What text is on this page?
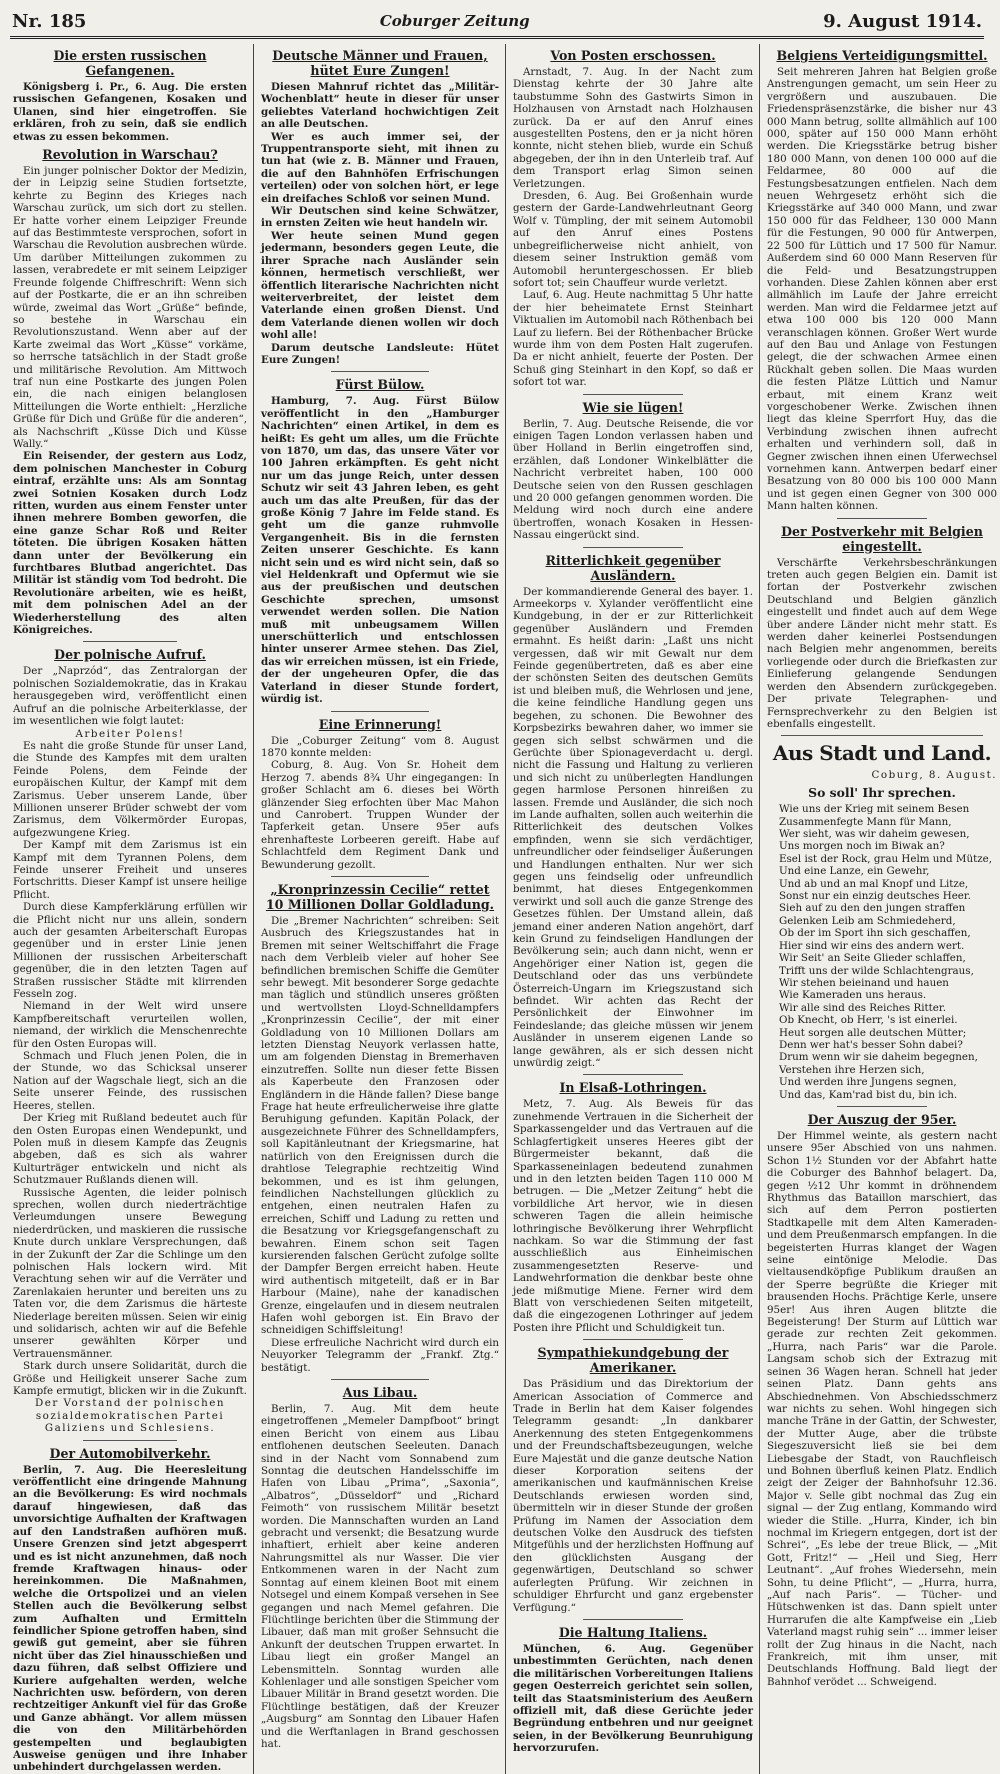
Nr. 185	Coburger Zeitung	9. August 1914.
Die ersten russischen Gefangenen.

Königsberg i. Pr., 6. Aug. Die ersten russischen Gefangenen, Kosaken und Ulanen, sind hier eingetroffen. Sie erklären, froh zu sein, daß sie endlich etwas zu essen bekommen.

Revolution in Warschau?

Ein junger polnischer Doktor der Medizin, der in Leipzig seine Studien fortsetzte, kehrte zu Beginn des Krieges nach Warschau zurück, um sich dort zu stellen. Er hatte vorher einem Leipziger Freunde auf das Bestimmteste versprochen, sofort in Warschau die Revolution ausbrechen würde. Um darüber Mitteilungen zukommen zu lassen, verabredete er mit seinem Leipziger Freunde folgende Chiffreschrift: Wenn sich auf der Postkarte, die er an ihn schreiben würde, zweimal das Wort „Grüße“ befinde, so bestehe in Warschau ein Revolutionszustand. Wenn aber auf der Karte zweimal das Wort „Küsse“ vorkäme, so herrsche tatsächlich in der Stadt große und militärische Revolution. Am Mittwoch traf nun eine Postkarte des jungen Polen ein, die nach einigen belanglosen Mitteilungen die Worte enthielt: „Herzliche Grüße für Dich und Grüße für die anderen“, als Nachschrift „Küsse Dich und Küsse Wally.“

Ein Reisender, der gestern aus Lodz, dem polnischen Manchester in Coburg eintraf, erzählte uns: Als am Sonntag zwei Sotnien Kosaken durch Lodz ritten, wurden aus einem Fenster unter ihnen mehrere Bomben geworfen, die eine ganze Schar Roß und Reiter töteten. Die übrigen Kosaken hätten dann unter der Bevölkerung ein furchtbares Blutbad angerichtet. Das Militär ist ständig vom Tod bedroht. Die Revolutionäre arbeiten, wie es heißt, mit dem polnischen Adel an der Wiederherstellung des alten Königreiches.

Der polnische Aufruf.

Der „Naprzód“, das Zentralorgan der polnischen Sozialdemokratie, das in Krakau herausgegeben wird, veröffentlicht einen Aufruf an die polnische Arbeiterklasse, der im wesentlichen wie folgt lautet:

Arbeiter Polens!

Es naht die große Stunde für unser Land, die Stunde des Kampfes mit dem uralten Feinde Polens, dem Feinde der europäischen Kultur, der Kampf mit dem Zarismus. Ueber unserem Lande, über Millionen unserer Brüder schwebt der vom Zarismus, dem Völkermörder Europas, aufgezwungene Krieg.

Der Kampf mit dem Zarismus ist ein Kampf mit dem Tyrannen Polens, dem Feinde unserer Freiheit und unseres Fortschritts. Dieser Kampf ist unsere heilige Pflicht.

Durch diese Kampferklärung erfüllen wir die Pflicht nicht nur uns allein, sondern auch der gesamten Arbeiterschaft Europas gegenüber und in erster Linie jenen Millionen der russischen Arbeiterschaft gegenüber, die in den letzten Tagen auf Straßen russischer Städte mit klirrenden Fesseln zog.

Niemand in der Welt wird unsere Kampfbereitschaft verurteilen wollen, niemand, der wirklich die Menschenrechte für den Osten Europas will.

Schmach und Fluch jenen Polen, die in der Stunde, wo das Schicksal unserer Nation auf der Wagschale liegt, sich an die Seite unserer Feinde, des russischen Heeres, stellen.

Der Krieg mit Rußland bedeutet auch für den Osten Europas einen Wendepunkt, und Polen muß in diesem Kampfe das Zeugnis abgeben, daß es sich als wahrer Kulturträger entwickeln und nicht als Schutzmauer Rußlands dienen will.

Russische Agenten, die leider polnisch sprechen, wollen durch niederträchtige Verleumdungen unsere Bewegung niederdrücken, und maskieren die russische Knute durch unklare Versprechungen, daß in der Zukunft der Zar die Schlinge um den polnischen Hals lockern wird. Mit Verachtung sehen wir auf die Verräter und Zarenlakaien herunter und bereiten uns zu Taten vor, die dem Zarismus die härteste Niederlage bereiten müssen. Seien wir einig und solidarisch, achten wir auf die Befehle unserer gewählten Körper und Vertrauensmänner.

Stark durch unsere Solidarität, durch die Größe und Heiligkeit unserer Sache zum Kampfe ermutigt, blicken wir in die Zukunft.

Der Vorstand der polnischen sozialdemokratischen Partei Galiziens und Schlesiens.

Der Automobilverkehr.

Berlin, 7. Aug. Die Heeresleitung veröffentlicht eine dringende Mahnung an die Bevölkerung: Es wird nochmals darauf hingewiesen, daß das unvorsichtige Aufhalten der Kraftwagen auf den Landstraßen aufhören muß. Unsere Grenzen sind jetzt abgesperrt und es ist nicht anzunehmen, daß noch fremde Kraftwagen hinaus- oder hereinkommen. Die Maßnahmen, welche die Ortspolizei und an vielen Stellen auch die Bevölkerung selbst zum Aufhalten und Ermitteln feindlicher Spione getroffen haben, sind gewiß gut gemeint, aber sie führen nicht über das Ziel hinausschießen und dazu führen, daß selbst Offiziere und Kuriere aufgehalten werden, welche Nachrichten usw. befördern, von deren rechtzeitiger Ankunft viel für das Große und Ganze abhängt. Vor allem müssen die von den Militärbehörden gestempelten und beglaubigten Ausweise genügen und ihre Inhaber unbehindert durchgelassen werden.

Deutsche Männer und Frauen, hütet Eure Zungen!

Diesen Mahnruf richtet das „Militär-Wochenblatt“ heute in dieser für unser geliebtes Vaterland hochwichtigen Zeit an alle Deutschen.

Wer es auch immer sei, der Truppentransporte sieht, mit ihnen zu tun hat (wie z. B. Männer und Frauen, die auf den Bahnhöfen Erfrischungen verteilen) oder von solchen hört, er lege ein dreifaches Schloß vor seinen Mund.

Wir Deutschen sind keine Schwätzer, in ernsten Zeiten wie heut handeln wir.

Wer heute seinen Mund gegen jedermann, besonders gegen Leute, die ihrer Sprache nach Ausländer sein können, hermetisch verschließt, wer öffentlich literarische Nachrichten nicht weiterverbreitet, der leistet dem Vaterlande einen großen Dienst. Und dem Vaterlande dienen wollen wir doch wohl alle!

Darum deutsche Landsleute: Hütet Eure Zungen!

Fürst Bülow.

Hamburg, 7. Aug. Fürst Bülow veröffentlicht in den „Hamburger Nachrichten“ einen Artikel, in dem es heißt: Es geht um alles, um die Früchte von 1870, um das, das unsere Väter vor 100 Jahren erkämpften. Es geht nicht nur um das junge Reich, unter dessen Schutz wir seit 43 Jahren leben, es geht auch um das alte Preußen, für das der große König 7 Jahre im Felde stand. Es geht um die ganze ruhmvolle Vergangenheit. Bis in die fernsten Zeiten unserer Geschichte. Es kann nicht sein und es wird nicht sein, daß so viel Heldenkraft und Opfermut wie sie aus der preußischen und deutschen Geschichte sprechen, umsonst verwendet werden sollen. Die Nation muß mit unbeugsamem Willen unerschütterlich und entschlossen hinter unserer Armee stehen. Das Ziel, das wir erreichen müssen, ist ein Friede, der der ungeheuren Opfer, die das Vaterland in dieser Stunde fordert, würdig ist.

Eine Erinnerung!

Die „Coburger Zeitung“ vom 8. August 1870 konnte melden:

Coburg, 8. Aug. Von Sr. Hoheit dem Herzog 7. abends 8¾ Uhr eingegangen: In großer Schlacht am 6. dieses bei Wörth glänzender Sieg erfochten über Mac Mahon und Canrobert. Truppen Wunder der Tapferkeit getan. Unsere 95er aufs ehrenhafteste Lorbeeren gereift. Habe auf Schlachtfeld dem Regiment Dank und Bewunderung gezollt.

„Kronprinzessin Cecilie“ rettet 10 Millionen Dollar Goldladung.

Die „Bremer Nachrichten“ schreiben: Seit Ausbruch des Kriegszustandes hat in Bremen mit seiner Weltschiffahrt die Frage nach dem Verbleib vieler auf hoher See befindlichen bremischen Schiffe die Gemüter sehr bewegt. Mit besonderer Sorge gedachte man täglich und stündlich unseres größten und wertvollsten Lloyd-Schnelldampfers „Kronprinzessin Cecilie“, der mit einer Goldladung von 10 Millionen Dollars am letzten Dienstag Neuyork verlassen hatte, um am folgenden Dienstag in Bremerhaven einzutreffen. Sollte nun dieser fette Bissen als Kaperbeute den Franzosen oder Engländern in die Hände fallen? Diese bange Frage hat heute erfreulicherweise ihre glatte Beruhigung gefunden. Kapitän Polack, der ausgezeichnete Führer des Schnelldampfers, soll Kapitänleutnant der Kriegsmarine, hat natürlich von den Ereignissen durch die drahtlose Telegraphie rechtzeitig Wind bekommen, und es ist ihm gelungen, feindlichen Nachstellungen glücklich zu entgehen, einen neutralen Hafen zu erreichen, Schiff und Ladung zu retten und die Besatzung vor Kriegsgefangenschaft zu bewahren. Einem schon seit Tagen kursierenden falschen Gerücht zufolge sollte der Dampfer Bergen erreicht haben. Heute wird authentisch mitgeteilt, daß er in Bar Harbour (Maine), nahe der kanadischen Grenze, eingelaufen und in diesem neutralen Hafen wohl geborgen ist. Ein Bravo der schneidigen Schiffsleitung!

Diese erfreuliche Nachricht wird durch ein Neuyorker Telegramm der „Frankf. Ztg.“ bestätigt.

Aus Libau.

Berlin, 7. Aug. Mit dem heute eingetroffenen „Memeler Dampfboot“ bringt einen Bericht von einem aus Libau entflohenen deutschen Seeleuten. Danach sind in der Nacht vom Sonnabend zum Sonntag die deutschen Handelsschiffe im Hafen von Libau „Prima“, „Saxonia“, „Albatros“, „Düsseldorf“ und „Richard Feimoth“ von russischem Militär besetzt worden. Die Mannschaften wurden an Land gebracht und versenkt; die Besatzung wurde inhaftiert, erhielt aber keine anderen Nahrungsmittel als nur Wasser. Die vier Entkommenen waren in der Nacht zum Sonntag auf einem kleinen Boot mit einem Notsegel und einem Kompaß versehen in See gegangen und nach Memel gefahren. Die Flüchtlinge berichten über die Stimmung der Libauer, daß man mit großer Sehnsucht die Ankunft der deutschen Truppen erwartet. In Libau liegt ein großer Mangel an Lebensmitteln. Sonntag wurden alle Kohlenlager und alle sonstigen Speicher vom Libauer Militär in Brand gesetzt worden. Die Flüchtlinge bestätigen, daß der Kreuzer „Augsburg“ am Sonntag den Libauer Hafen und die Werftanlagen in Brand geschossen hat.

Von Posten erschossen.

Arnstadt, 7. Aug. In der Nacht zum Dienstag kehrte der 30 Jahre alte taubstumme Sohn des Gastwirts Simon in Holzhausen von Arnstadt nach Holzhausen zurück. Da er auf den Anruf eines ausgestellten Postens, den er ja nicht hören konnte, nicht stehen blieb, wurde ein Schuß abgegeben, der ihn in den Unterleib traf. Auf dem Transport erlag Simon seinen Verletzungen.

Dresden, 6. Aug. Bei Großenhain wurde gestern der Garde-Landwehrleutnant Georg Wolf v. Tümpling, der mit seinem Automobil auf den Anruf eines Postens unbegreiflicherweise nicht anhielt, von diesem seiner Instruktion gemäß vom Automobil heruntergeschossen. Er blieb sofort tot; sein Chauffeur wurde verletzt.

Lauf, 6. Aug. Heute nachmittag 5 Uhr hatte der hier beheimatete Ernst Steinhart Viktualien im Automobil nach Röthenbach bei Lauf zu liefern. Bei der Röthenbacher Brücke wurde ihm von dem Posten Halt zugerufen. Da er nicht anhielt, feuerte der Posten. Der Schuß ging Steinhart in den Kopf, so daß er sofort tot war.

Wie sie lügen!

Berlin, 7. Aug. Deutsche Reisende, die vor einigen Tagen London verlassen haben und über Holland in Berlin eingetroffen sind, erzählen, daß Londoner Winkelblätter die Nachricht verbreitet haben, 100 000 Deutsche seien von den Russen geschlagen und 20 000 gefangen genommen worden. Die Meldung wird noch durch eine andere übertroffen, wonach Kosaken in Hessen-Nassau eingerückt sind.

Ritterlichkeit gegenüber Ausländern.

Der kommandierende General des bayer. 1. Armeekorps v. Xylander veröffentlicht eine Kundgebung, in der er zur Ritterlichkeit gegenüber Ausländern und Fremden ermahnt. Es heißt darin: „Laßt uns nicht vergessen, daß wir mit Gewalt nur dem Feinde gegenübertreten, daß es aber eine der schönsten Seiten des deutschen Gemüts ist und bleiben muß, die Wehrlosen und jene, die keine feindliche Handlung gegen uns begehen, zu schonen. Die Bewohner des Korpsbezirks bewahren daher, wo immer sie gegen sich selbst schwärmen und die Gerüchte über Spionageverdacht u. dergl. nicht die Fassung und Haltung zu verlieren und sich nicht zu unüberlegten Handlungen gegen harmlose Personen hinreißen zu lassen. Fremde und Ausländer, die sich noch im Lande aufhalten, sollen auch weiterhin die Ritterlichkeit des deutschen Volkes empfinden, wenn sie sich verdächtiger, unfreundlicher oder feindseliger Äußerungen und Handlungen enthalten. Nur wer sich gegen uns feindselig oder unfreundlich benimmt, hat dieses Entgegenkommen verwirkt und soll auch die ganze Strenge des Gesetzes fühlen. Der Umstand allein, daß jemand einer anderen Nation angehört, darf kein Grund zu feindseligen Handlungen der Bevölkerung sein; auch dann nicht, wenn er Angehöriger einer Nation ist, gegen die Deutschland oder das uns verbündete Österreich-Ungarn im Kriegszustand sich befindet. Wir achten das Recht der Persönlichkeit der Einwohner im Feindeslande; das gleiche müssen wir jenem Ausländer in unserem eigenen Lande so lange gewähren, als er sich dessen nicht unwürdig zeigt.“

In Elsaß-Lothringen.

Metz, 7. Aug. Als Beweis für das zunehmende Vertrauen in die Sicherheit der Sparkassengelder und das Vertrauen auf die Schlagfertigkeit unseres Heeres gibt der Bürgermeister bekannt, daß die Sparkasseneinlagen bedeutend zunahmen und in den letzten beiden Tagen 110 000 M betrugen. — Die „Metzer Zeitung“ hebt die vorbildliche Art hervor, wie in diesen schweren Tagen die allein heimische lothringische Bevölkerung ihrer Wehrpflicht nachkam. So war die Stimmung der fast ausschließlich aus Einheimischen zusammengesetzten Reserve- und Landwehrformation die denkbar beste ohne jede mißmutige Miene. Ferner wird dem Blatt von verschiedenen Seiten mitgeteilt, daß die eingezogenen Lothringer auf jedem Posten ihre Pflicht und Schuldigkeit tun.

Sympathiekundgebung der Amerikaner.

Das Präsidium und das Direktorium der American Association of Commerce and Trade in Berlin hat dem Kaiser folgendes Telegramm gesandt: „In dankbarer Anerkennung des steten Entgegenkommens und der Freundschaftsbezeugungen, welche Eure Majestät und die ganze deutsche Nation dieser Korporation seitens der amerikanischen und kaufmännischen Kreise Deutschlands erwiesen worden sind, übermitteln wir in dieser Stunde der großen Prüfung im Namen der Association dem deutschen Volke den Ausdruck des tiefsten Mitgefühls und der herzlichsten Hoffnung auf den glücklichsten Ausgang der gegenwärtigen, Deutschland so schwer auferlegten Prüfung. Wir zeichnen in schuldiger Ehrfurcht und ganz ergebenster Verfügung.“

Die Haltung Italiens.

München, 6. Aug. Gegenüber unbestimmten Gerüchten, nach denen die militärischen Vorbereitungen Italiens gegen Oesterreich gerichtet sein sollen, teilt das Staatsministerium des Aeußern offiziell mit, daß diese Gerüchte jeder Begründung entbehren und nur geeignet seien, in der Bevölkerung Beunruhigung hervorzurufen.

Belgiens Verteidigungsmittel.

Seit mehreren Jahren hat Belgien große Anstrengungen gemacht, um sein Heer zu vergrößern und auszubauen. Die Friedenspräsenzstärke, die bisher nur 43 000 Mann betrug, sollte allmählich auf 100 000, später auf 150 000 Mann erhöht werden. Die Kriegsstärke betrug bisher 180 000 Mann, von denen 100 000 auf die Feldarmee, 80 000 auf die Festungsbesatzungen entfielen. Nach dem neuen Wehrgesetz erhöht sich die Kriegsstärke auf 340 000 Mann, und zwar 150 000 für das Feldheer, 130 000 Mann für die Festungen, 90 000 für Antwerpen, 22 500 für Lüttich und 17 500 für Namur. Außerdem sind 60 000 Mann Reserven für die Feld- und Besatzungstruppen vorhanden. Diese Zahlen können aber erst allmählich im Laufe der Jahre erreicht werden. Man wird die Feldarmee jetzt auf etwa 100 000 bis 120 000 Mann veranschlagen können. Großer Wert wurde auf den Bau und Anlage von Festungen gelegt, die der schwachen Armee einen Rückhalt geben sollen. Die Maas wurden die festen Plätze Lüttich und Namur erbaut, mit einem Kranz weit vorgeschobener Werke. Zwischen ihnen liegt das kleine Sperrfort Huy, das die Verbindung zwischen ihnen aufrecht erhalten und verhindern soll, daß in Gegner zwischen ihnen einen Uferwechsel vornehmen kann. Antwerpen bedarf einer Besatzung von 80 000 bis 100 000 Mann und ist gegen einen Gegner von 300 000 Mann halten können.

Der Postverkehr mit Belgien eingestellt.

Verschärfte Verkehrsbeschränkungen treten auch gegen Belgien ein. Damit ist fortan der Postverkehr zwischen Deutschland und Belgien gänzlich eingestellt und findet auch auf dem Wege über andere Länder nicht mehr statt. Es werden daher keinerlei Postsendungen nach Belgien mehr angenommen, bereits vorliegende oder durch die Briefkasten zur Einlieferung gelangende Sendungen werden den Absendern zurückgegeben. Der private Telegraphen- und Fernsprechverkehr zu den Belgien ist ebenfalls eingestellt.

Aus Stadt und Land.

Coburg, 8. August.

So soll' Ihr sprechen.

Wie uns der Krieg mit seinem Besen
Zusammenfegte Mann für Mann,
Wer sieht, was wir daheim gewesen,
Uns morgen noch im Biwak an?
Esel ist der Rock, grau Helm und Mütze,
Und eine Lanze, ein Gewehr,
Und ab und an mal Knopf und Litze,
Sonst nur ein einzig deutsches Heer.

Sieh auf zu den den jungen straffen
Gelenken Leib am Schmiedeherd,
Ob der im Sport ihn sich geschaffen,
Hier sind wir eins des andern wert.
Wir Seit' an Seite Glieder schlaffen,
Trifft uns der wilde Schlachtengraus,
Wir stehen beieinand und hauen
Wie Kameraden uns heraus.

Wir alle sind des Reiches Ritter.
Ob Knecht, ob Herr, 's ist einerlei.
Heut sorgen alle deutschen Mütter;
Denn wer hat's besser Sohn dabei?
Drum wenn wir sie daheim begegnen,
Verstehen ihre Herzen sich,
Und werden ihre Jungens segnen,
Und das, Kam'rad bist du, bin ich.

Der Auszug der 95er.

Der Himmel weinte, als gestern nacht unsere 95er Abschied von uns nahmen. Schon 1½ Stunden vor der Abfahrt hatte die Coburger des Bahnhof belagert. Da, gegen ½12 Uhr kommt in dröhnendem Rhythmus das Bataillon marschiert, das sich auf dem Perron postierten Stadtkapelle mit dem Alten Kameraden- und dem Preußenmarsch empfangen. In die begeisterten Hurras klanget der Wagen seine eintönige Melodie. Das vieltausendköpfige Publikum draußen an der Sperre begrüßte die Krieger mit brausenden Hochs. Prächtige Kerle, unsere 95er! Aus ihren Augen blitzte die Begeisterung! Der Sturm auf Lüttich war gerade zur rechten Zeit gekommen. „Hurra, nach Paris“ war die Parole. Langsam schob sich der Extrazug mit seinen 36 Wagen heran. Schnell hat jeder seinen Platz. Dann gehts ans Abschiednehmen. Von Abschiedsschmerz war nichts zu sehen. Wohl hingegen sich manche Träne in der Gattin, der Schwester, der Mutter Auge, aber die trübste Siegeszuversicht ließ sie bei dem Liebesgabe der Stadt, von Rauchfleisch und Bohnen überfluß keinen Platz. Endlich zeigt der Zeiger der Bahnhofsuhr 12.36. Major v. Selle gibt nochmal das Zug ein signal — der Zug entlang, Kommando wird wieder die Stille. „Hurra, Kinder, ich bin nochmal im Kriegern entgegen, dort ist der Schrei“, „Es lebe der treue Blick, — „Mit Gott, Fritz!“ — „Heil und Sieg, Herr Leutnant“. „Auf frohes Wiedersehn, mein Sohn, tu deine Pflicht“, — „Hurra, hurra, „Auf nach Paris“. — Tücher- und Hütschwenken ist das. Dann spielt unter Hurrarufen die alte Kampfweise ein „Lieb Vaterland magst ruhig sein“ ... immer leiser rollt der Zug hinaus in die Nacht, nach Frankreich, mit ihm unser, mit Deutschlands Hoffnung. Bald liegt der Bahnhof verödet ... Schweigend.
